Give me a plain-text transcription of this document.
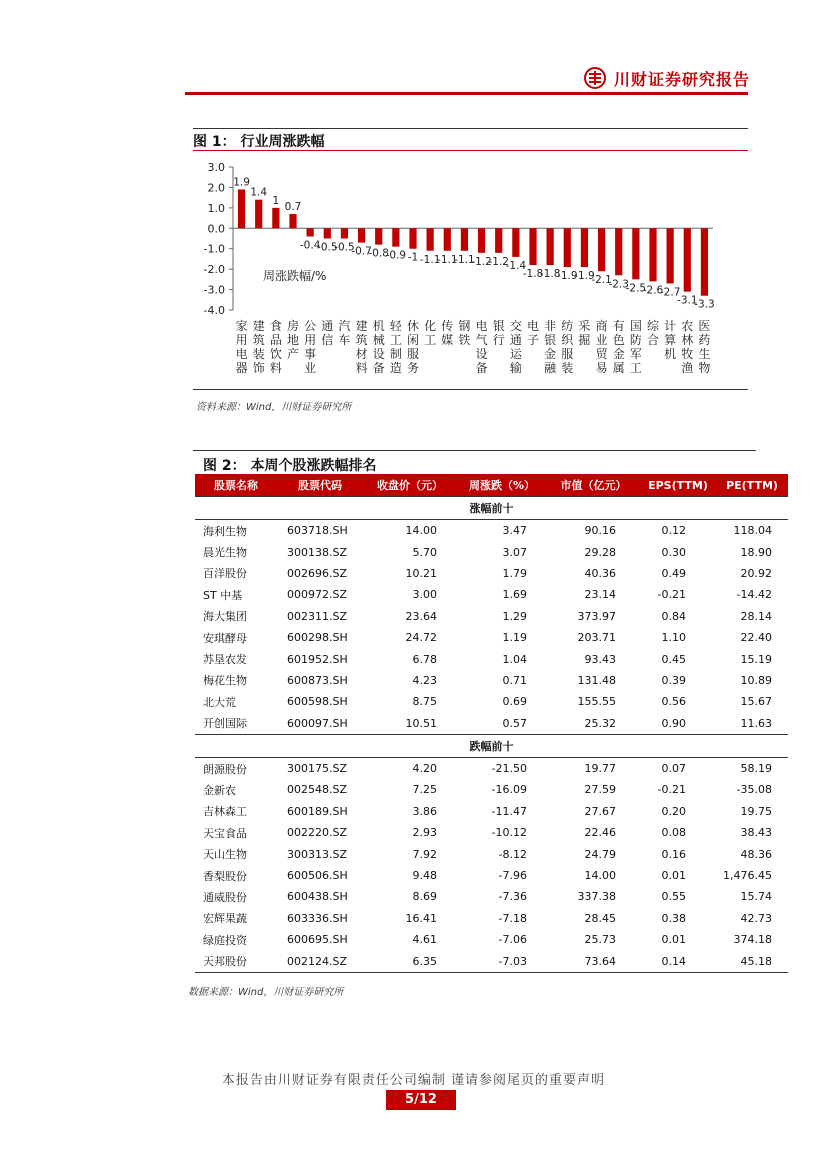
川财证券研究报告
图 1： 行业周涨跌幅
3.0
2.0
1.0
0.0
-1.0
-2.0
-3.0
-4.0
1.9
1.4
1
0.7
-0.4
-0.5
-0.5
-0.7
-0.8
-0.9 -1 -1.1
-1.1
-1.1
-1.2
-1.2
-1.4
-1.8
-1.8
-1.9
-1.9
-2.1
-2.3
-2.5
-2.6
-2.7
-3.1
-3.3
家
用
电
器
建
筑
装
饰
食
品
饮
料
房
地
产
公
用
事
业
通
信
汽
车
建
筑
材
料
机
械
设
备
轻
工
制
造
休
闲
服
务
化
工
传
媒
钢
铁
电
气
设
备
银
行
交
通
运
输
电
子
非
银
金
融
纺
织
服
装
采
掘
商
业
贸
易
有
色
金
属
国
防
军
工
综
合
计
算
机
农
林
牧
渔
医
药
生
物
周涨跌幅/%
资料来源：Wind，川财证券研究所
图 2： 本周个股涨跌幅排名
股票名称	股票代码	收盘价（元）	周涨跌（%）	市值（亿元）	EPS(TTM)	PE(TTM)
涨幅前十						
海利生物	603718.SH	14.00	3.47	90.16	0.12	118.04
晨光生物	300138.SZ	5.70	3.07	29.28	0.30	18.90
百洋股份	002696.SZ	10.21	1.79	40.36	0.49	20.92
ST 中基	000972.SZ	3.00	1.69	23.14	-0.21	-14.42
海大集团	002311.SZ	23.64	1.29	373.97	0.84	28.14
安琪酵母	600298.SH	24.72	1.19	203.71	1.10	22.40
苏垦农发	601952.SH	6.78	1.04	93.43	0.45	15.19
梅花生物	600873.SH	4.23	0.71	131.48	0.39	10.89
北大荒	600598.SH	8.75	0.69	155.55	0.56	15.67
开创国际	600097.SH	10.51	0.57	25.32	0.90	11.63
跌幅前十						
朗源股份	300175.SZ	4.20	-21.50	19.77	0.07	58.19
金新农	002548.SZ	7.25	-16.09	27.59	-0.21	-35.08
吉林森工	600189.SH	3.86	-11.47	27.67	0.20	19.75
天宝食品	002220.SZ	2.93	-10.12	22.46	0.08	38.43
天山生物	300313.SZ	7.92	-8.12	24.79	0.16	48.36
香梨股份	600506.SH	9.48	-7.96	14.00	0.01	1,476.45
通威股份	600438.SH	8.69	-7.36	337.38	0.55	15.74
宏辉果蔬	603336.SH	16.41	-7.18	28.45	0.38	42.73
绿庭投资	600695.SH	4.61	-7.06	25.73	0.01	374.18
天邦股份	002124.SZ	6.35	-7.03	73.64	0.14	45.18
数据来源：Wind，川财证券研究所
本报告由川财证券有限责任公司编制 谨请参阅尾页的重要声明
5/12
